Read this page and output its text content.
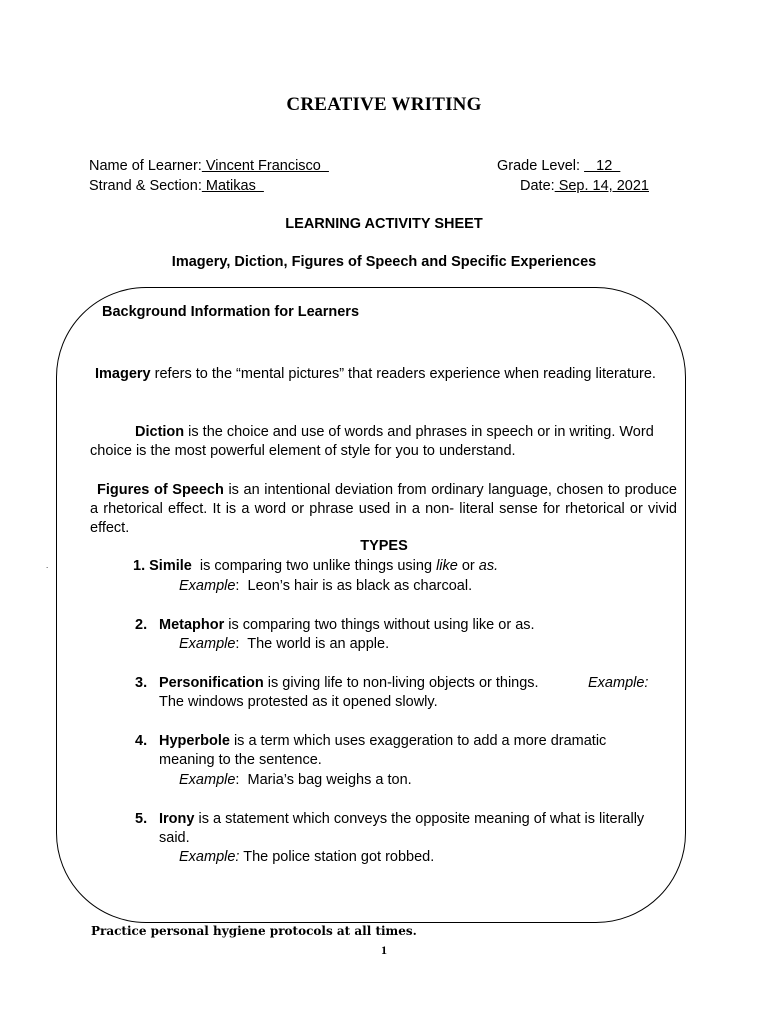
CREATIVE WRITING
Name of Learner: Vincent Francisco	Grade Level:    12
Strand & Section: Matikas	Date: Sep. 14, 2021
LEARNING ACTIVITY SHEET
Imagery, Diction, Figures of Speech and Specific Experiences
Background Information for Learners
Imagery refers to the “mental pictures” that readers experience when reading literature.
Diction is the choice and use of words and phrases in speech or in writing. Word choice is the most powerful element of style for you to understand.
Figures of Speech is an intentional deviation from ordinary language, chosen to produce a rhetorical effect. It is a word or phrase used in a non- literal sense for rhetorical or vivid effect.
TYPES
.	1. Simile  is comparing two unlike things using like or as.
Example:  Leon’s hair is as black as charcoal.
2. Metaphor is comparing two things without using like or as.
Example:  The world is an apple.
3. Personification is giving life to non-living objects or things.	Example:
The windows protested as it opened slowly.
4. Hyperbole is a term which uses exaggeration to add a more dramatic meaning to the sentence.
Example:  Maria’s bag weighs a ton.
5. Irony is a statement which conveys the opposite meaning of what is literally said.
Example: The police station got robbed.
Practice personal hygiene protocols at all times.
1
